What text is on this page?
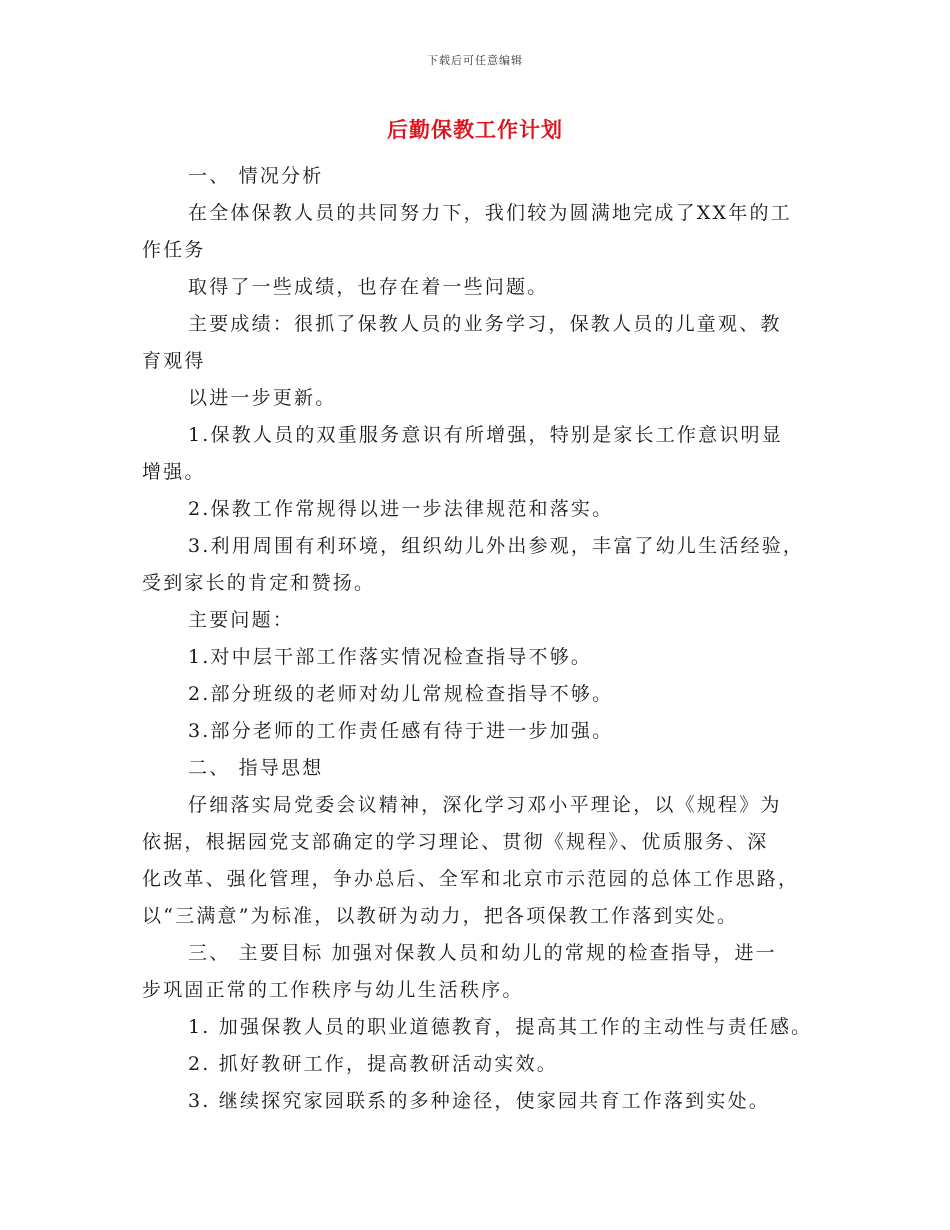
下载后可任意编辑
后勤保教工作计划
一、 情况分析
在全体保教人员的共同努力下，我们较为圆满地完成了XX年的工
作任务
取得了一些成绩，也存在着一些问题。
主要成绩：很抓了保教人员的业务学习，保教人员的儿童观、教
育观得
以进一步更新。
1.保教人员的双重服务意识有所增强，特别是家长工作意识明显
增强。
2.保教工作常规得以进一步法律规范和落实。
3.利用周围有利环境，组织幼儿外出参观，丰富了幼儿生活经验，
受到家长的肯定和赞扬。
主要问题：
1.对中层干部工作落实情况检查指导不够。
2.部分班级的老师对幼儿常规检查指导不够。
3.部分老师的工作责任感有待于进一步加强。
二、 指导思想
仔细落实局党委会议精神，深化学习邓小平理论，以《规程》为
依据，根据园党支部确定的学习理论、贯彻《规程》、优质服务、深
化改革、强化管理，争办总后、全军和北京市示范园的总体工作思路，
以“三满意”为标准，以教研为动力，把各项保教工作落到实处。
三、 主要目标 加强对保教人员和幼儿的常规的检查指导，进一
步巩固正常的工作秩序与幼儿生活秩序。
1. 加强保教人员的职业道德教育，提高其工作的主动性与责任感。
2. 抓好教研工作，提高教研活动实效。
3. 继续探究家园联系的多种途径，使家园共育工作落到实处。
